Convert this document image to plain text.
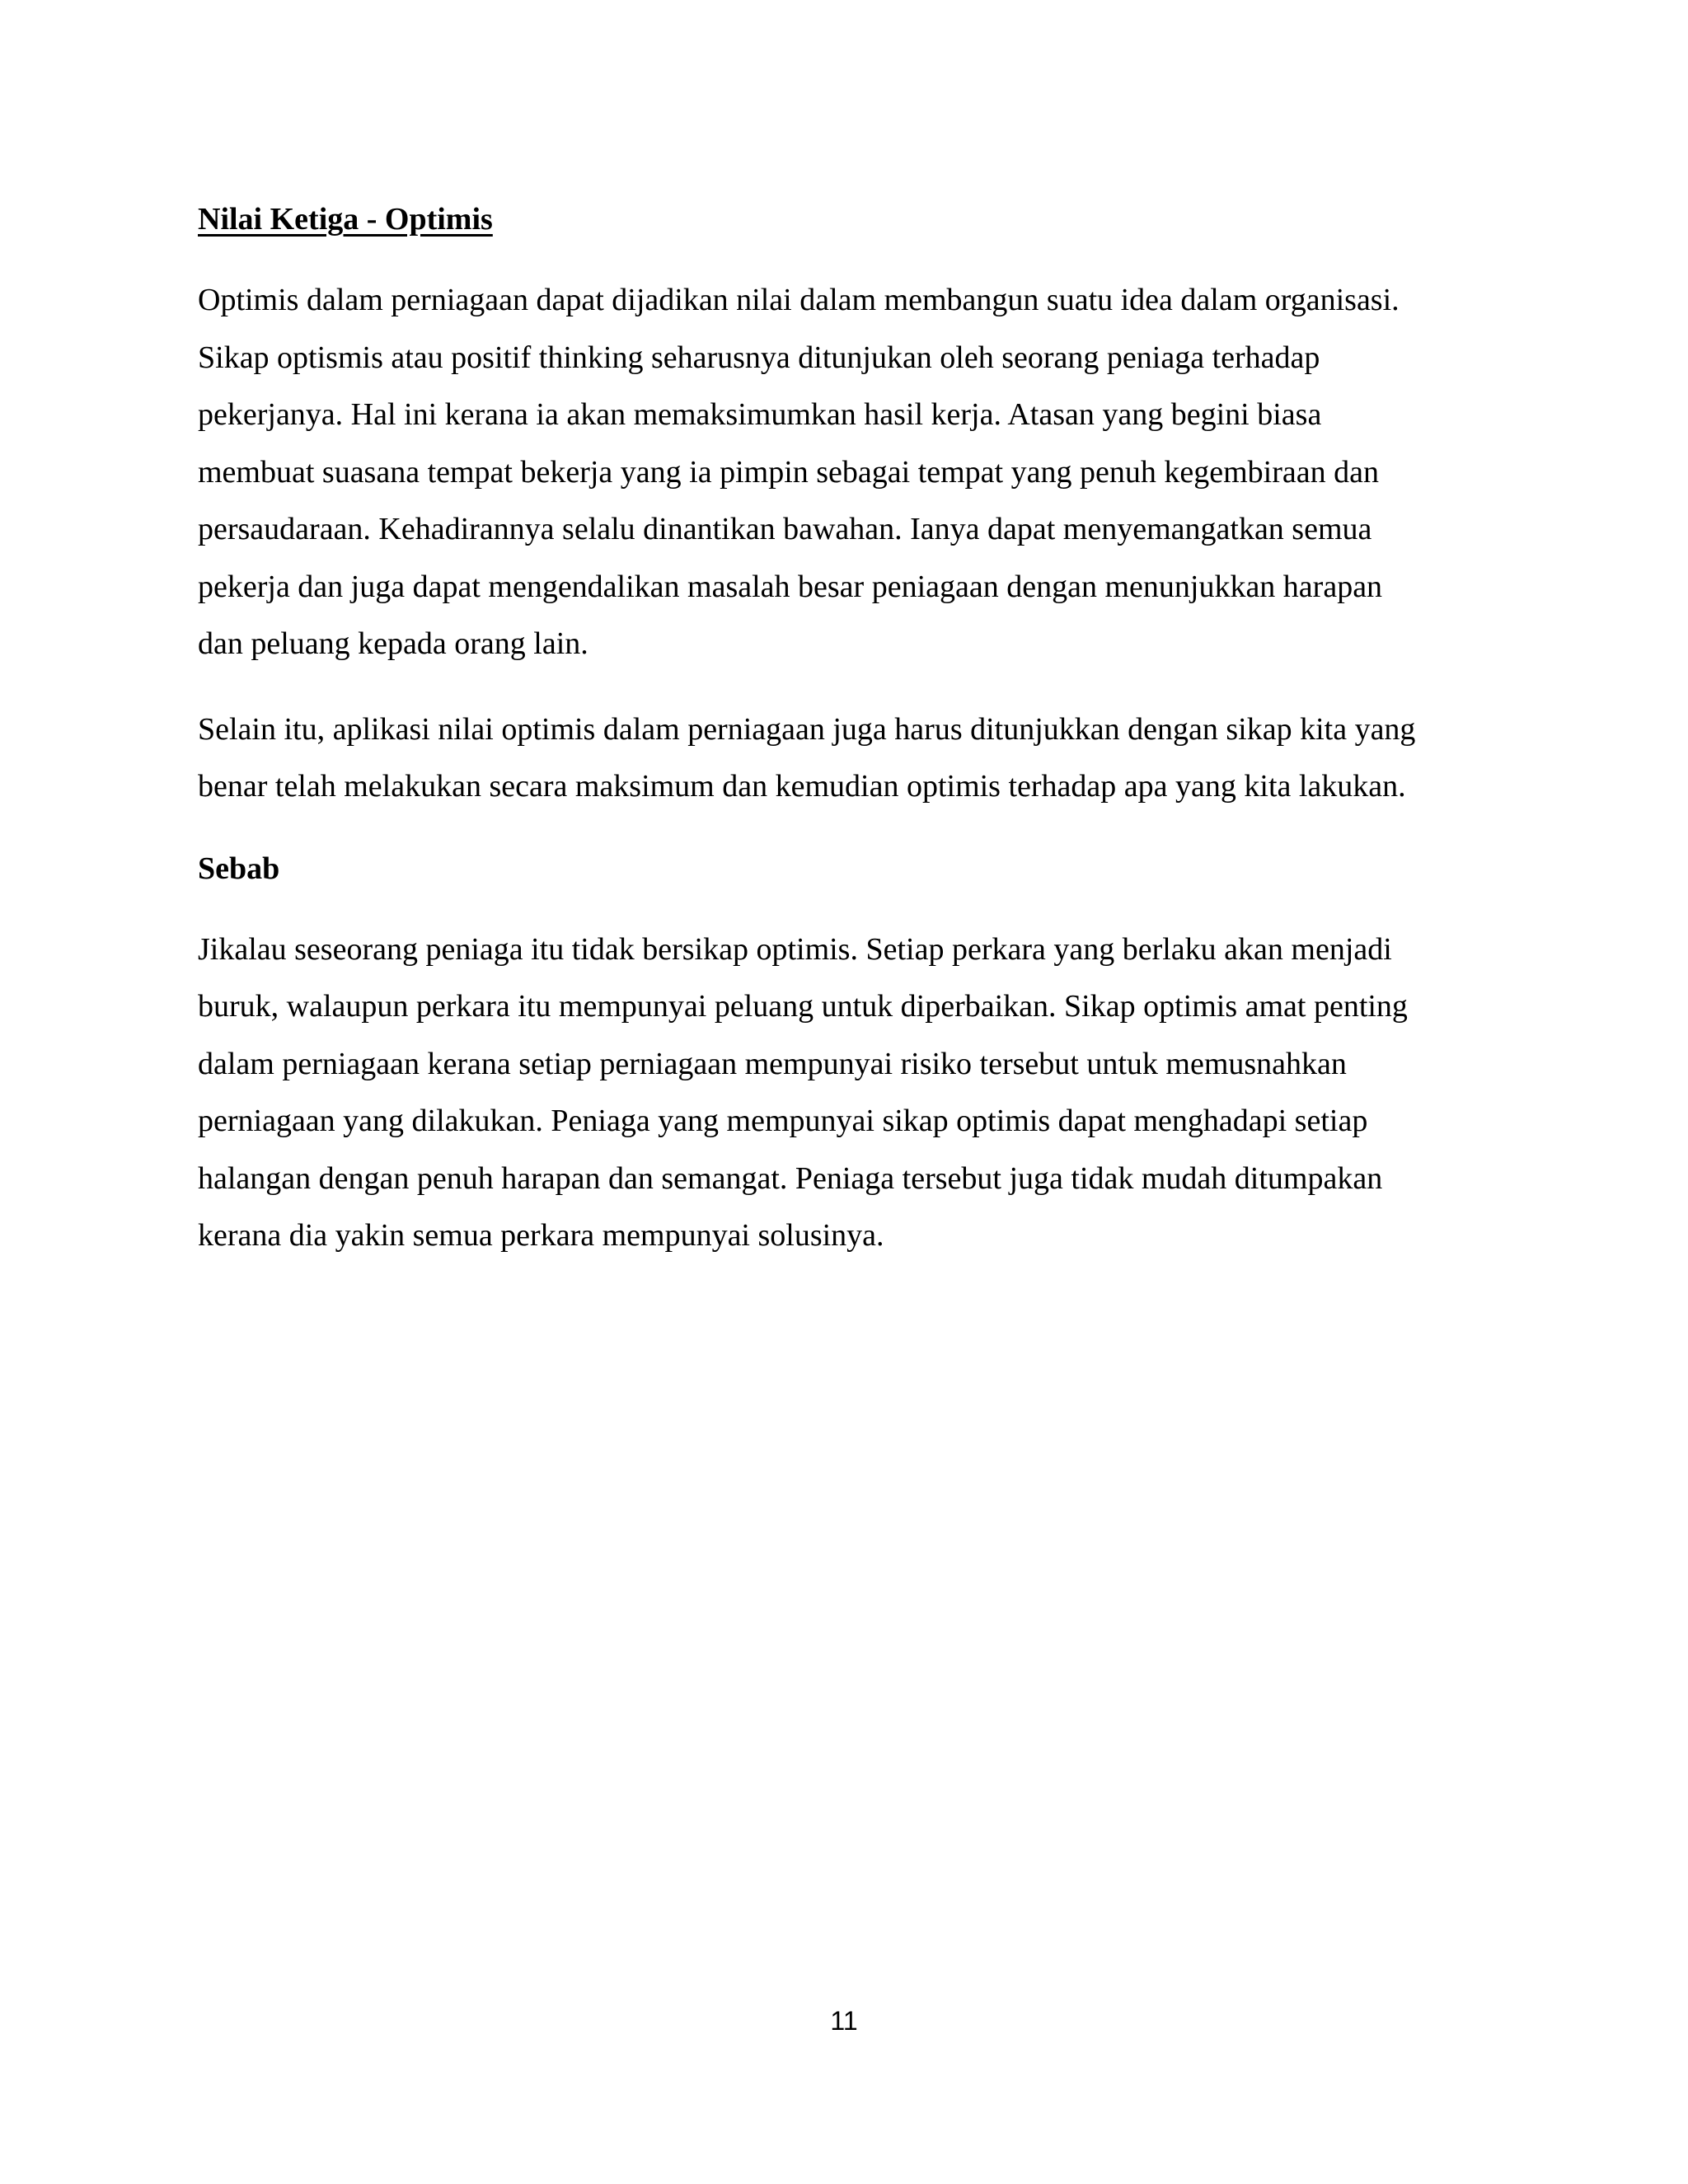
Nilai Ketiga - Optimis
Optimis dalam perniagaan dapat dijadikan nilai dalam membangun suatu idea dalam organisasi.
Sikap optismis atau positif thinking seharusnya ditunjukan oleh seorang peniaga terhadap
pekerjanya. Hal ini kerana ia akan memaksimumkan hasil kerja. Atasan yang begini biasa
membuat suasana tempat bekerja yang ia pimpin sebagai tempat yang penuh kegembiraan dan
persaudaraan. Kehadirannya selalu dinantikan bawahan. Ianya dapat menyemangatkan semua
pekerja dan juga dapat mengendalikan masalah besar peniagaan dengan menunjukkan harapan
dan peluang kepada orang lain.
Selain itu, aplikasi nilai optimis dalam perniagaan juga harus ditunjukkan dengan sikap kita yang
benar telah melakukan secara maksimum dan kemudian optimis terhadap apa yang kita lakukan.
Sebab
Jikalau seseorang peniaga itu tidak bersikap optimis. Setiap perkara yang berlaku akan menjadi
buruk, walaupun perkara itu mempunyai peluang untuk diperbaikan. Sikap optimis amat penting
dalam perniagaan kerana setiap perniagaan mempunyai risiko tersebut untuk memusnahkan
perniagaan yang dilakukan. Peniaga yang mempunyai sikap optimis dapat menghadapi setiap
halangan dengan penuh harapan dan semangat. Peniaga tersebut juga tidak mudah ditumpakan
kerana dia yakin semua perkara mempunyai solusinya.
11
